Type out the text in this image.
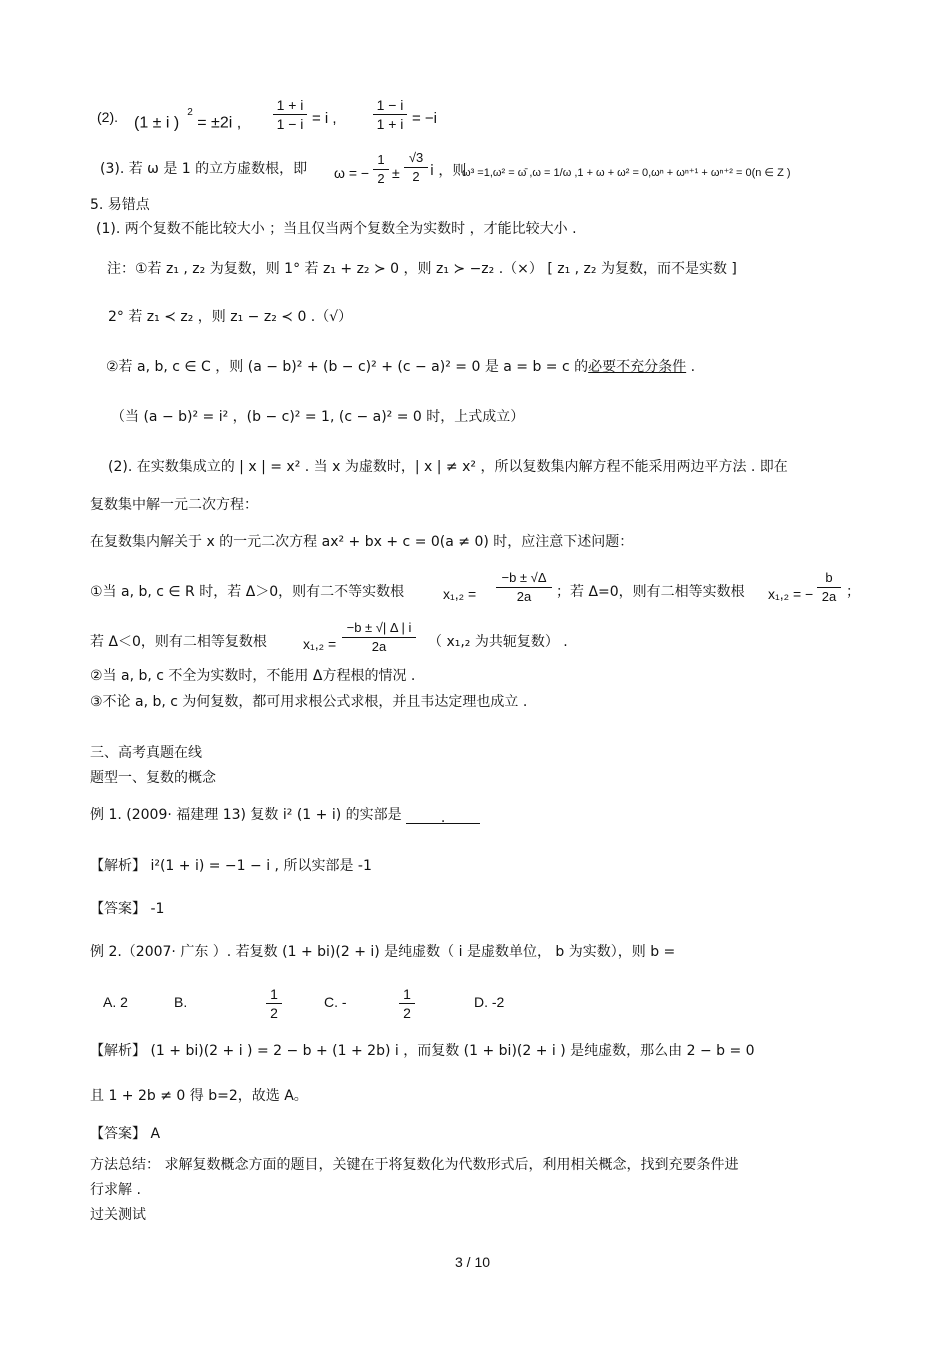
(2). (1 ± i )$^2$ = ±2i , $\frac{1 + i}{1 - i} = i$ ,	$\frac{1 - i}{1 + i} = -i$
(3). 若 ω 是 1 的立方虚数根，即 ω = − $\frac{1}{2} \pm \frac{√3}{2}$ i ，则
ω³ =1,ω² = ω̄ ,ω = 1/ω ,1 + ω + ω² = 0,ωⁿ + ωⁿ⁺¹ + ωⁿ⁺² = 0(n ∈ Z )
5. 易错点
(1). 两个复数不能比较大小 ；当且仅当两个复数全为实数时 ，才能比较大小 .
注：①若 z₁ , z₂ 为复数，则 1° 若 z₁ + z₂ ≻ 0 ，则 z₁ ≻ −z₂ .（×） [ z₁ , z₂ 为复数，而不是实数 ]
2° 若 z₁ ≺ z₂ ，则 z₁ − z₂ ≺ 0 .（√）
②若 a, b, c ∈ C ，则 (a − b)² + (b − c)² + (c − a)² = 0 是 a = b = c 的必要不充分条件 .
（当 (a − b)² = i² ，(b − c)² = 1, (c − a)² = 0 时，上式成立）
(2). 在实数集成立的 | x | = x² . 当 x 为虚数时，| x | ≠ x² ，所以复数集内解方程不能采用两边平方法 . 即在
复数集中解一元二次方程：
在复数集内解关于 x 的一元二次方程 ax² + bx + c = 0(a ≠ 0) 时，应注意下述问题：
①当 a, b, c ∈ R 时，若 Δ＞0，则有二不等实数根	$x_1,_2 = \frac{-b \pm √\Delta}{2a}$ ；若 Δ=0，则有二相等实数根 x₁,₂ = − $\frac{b}{2a}$ ；
若 Δ＜0，则有二相等复数根	$x_1,_2 = \frac{-b \pm √| \Delta | i}{2a}$ （ x₁,₂ 为共轭复数） .
②当 a, b, c 不全为实数时，不能用 Δ方程根的情况 .
③不论 a, b, c 为何复数，都可用求根公式求根，并且韦达定理也成立 .
三、高考真题在线
题型一、复数的概念
例 1. (2009· 福建理 13) 复数 i² (1 + i) 的实部是	.
【解析】 i²(1 + i) = −1 − i , 所以实部是 -1
【答案】 -1
例 2.（2007· 广东 ）. 若复数 (1 + bi)(2 + i) 是纯虚数（ i 是虚数单位， b 为实数），则 b =
A. 2	B.	$\frac{1}{2}$	C. -	$\frac{1}{2}$	D. -2
【解析】 (1 + bi)(2 + i ) = 2 − b + (1 + 2b) i ，而复数 (1 + bi)(2 + i ) 是纯虚数，那么由 2 − b = 0
且 1 + 2b ≠ 0 得 b=2，故选 A。
【答案】 A
方法总结： 求解复数概念方面的题目，关键在于将复数化为代数形式后，利用相关概念，找到充要条件进
行求解 .
过关测试
3 / 10
